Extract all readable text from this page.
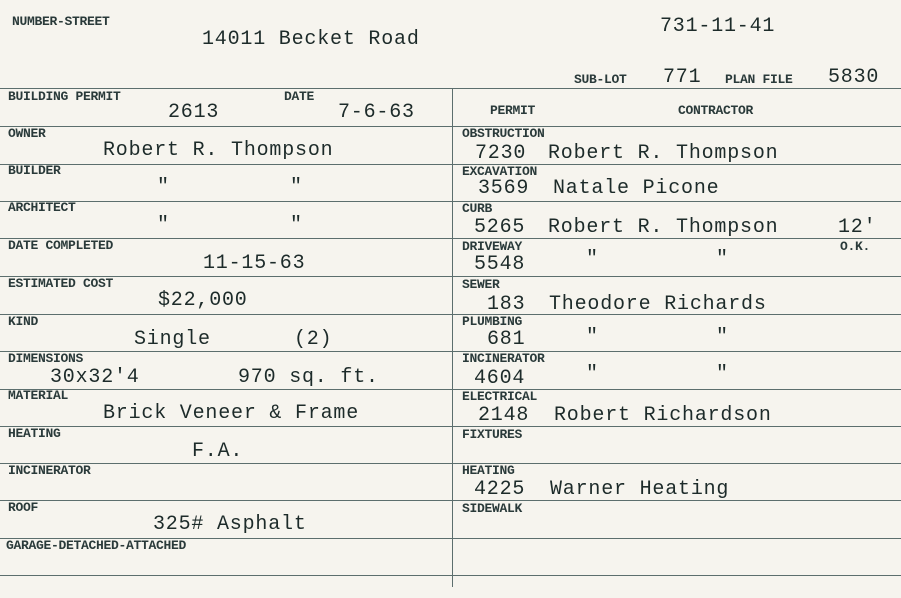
NUMBER-STREET
14011 Becket Road
731-11-41
SUB-LOT 771 PLAN FILE 5830
BUILDING PERMIT
2613
DATE
7-6-63
OWNER
Robert R. Thompson
BUILDER
"	"
ARCHITECT
"	"
DATE COMPLETED
11-15-63
ESTIMATED COST
$22,000
KIND
Single	(2)
DIMENSIONS
30x32'4	970 sq. ft.
MATERIAL
Brick Veneer & Frame
HEATING
F.A.
INCINERATOR
ROOF
325# Asphalt
GARAGE-DETACHED-ATTACHED
PERMIT	CONTRACTOR
OBSTRUCTION
7230 Robert R. Thompson
EXCAVATION
3569 Natale Picone
CURB
5265 Robert R. Thompson	12'
DRIVEWAY	O.K.
5548	"	"
SEWER
183 Theodore Richards
PLUMBING
681	"	"
INCINERATOR
4604	"	"
ELECTRICAL
2148 Robert Richardson
FIXTURES
HEATING
4225 Warner Heating
SIDEWALK
